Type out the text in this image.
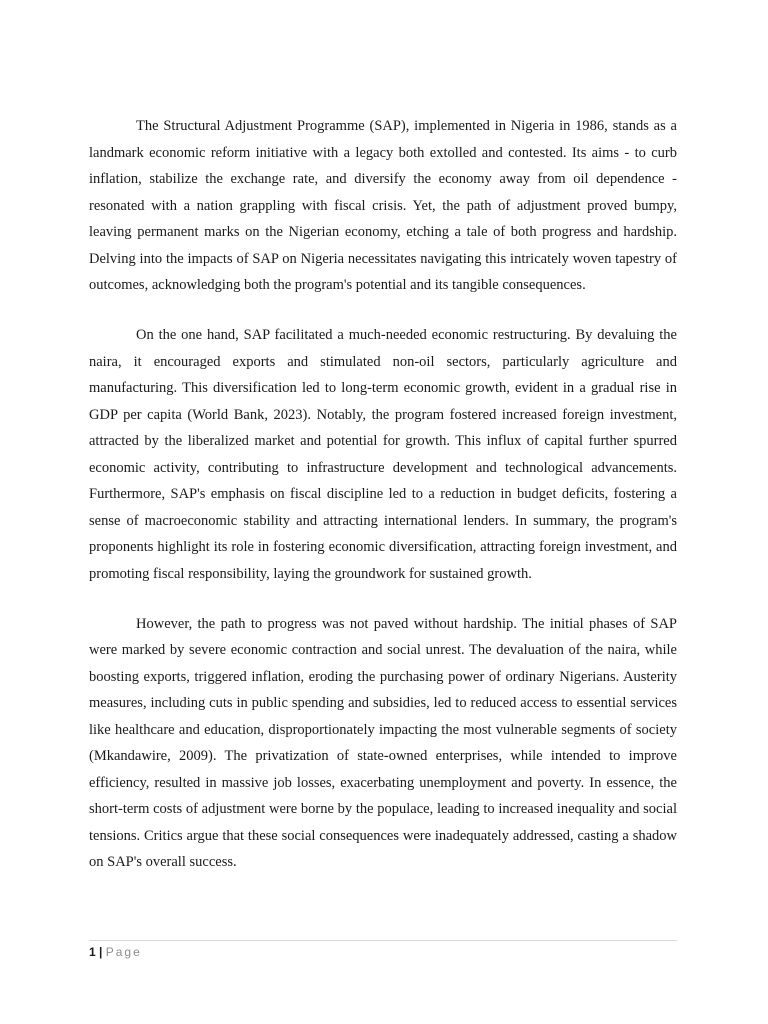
The Structural Adjustment Programme (SAP), implemented in Nigeria in 1986, stands as a landmark economic reform initiative with a legacy both extolled and contested. Its aims - to curb inflation, stabilize the exchange rate, and diversify the economy away from oil dependence - resonated with a nation grappling with fiscal crisis. Yet, the path of adjustment proved bumpy, leaving permanent marks on the Nigerian economy, etching a tale of both progress and hardship. Delving into the impacts of SAP on Nigeria necessitates navigating this intricately woven tapestry of outcomes, acknowledging both the program's potential and its tangible consequences.

On the one hand, SAP facilitated a much-needed economic restructuring. By devaluing the naira, it encouraged exports and stimulated non-oil sectors, particularly agriculture and manufacturing. This diversification led to long-term economic growth, evident in a gradual rise in GDP per capita (World Bank, 2023). Notably, the program fostered increased foreign investment, attracted by the liberalized market and potential for growth. This influx of capital further spurred economic activity, contributing to infrastructure development and technological advancements. Furthermore, SAP's emphasis on fiscal discipline led to a reduction in budget deficits, fostering a sense of macroeconomic stability and attracting international lenders. In summary, the program's proponents highlight its role in fostering economic diversification, attracting foreign investment, and promoting fiscal responsibility, laying the groundwork for sustained growth.

However, the path to progress was not paved without hardship. The initial phases of SAP were marked by severe economic contraction and social unrest. The devaluation of the naira, while boosting exports, triggered inflation, eroding the purchasing power of ordinary Nigerians. Austerity measures, including cuts in public spending and subsidies, led to reduced access to essential services like healthcare and education, disproportionately impacting the most vulnerable segments of society (Mkandawire, 2009). The privatization of state-owned enterprises, while intended to improve efficiency, resulted in massive job losses, exacerbating unemployment and poverty. In essence, the short-term costs of adjustment were borne by the populace, leading to increased inequality and social tensions. Critics argue that these social consequences were inadequately addressed, casting a shadow on SAP's overall success.

1 | Page
